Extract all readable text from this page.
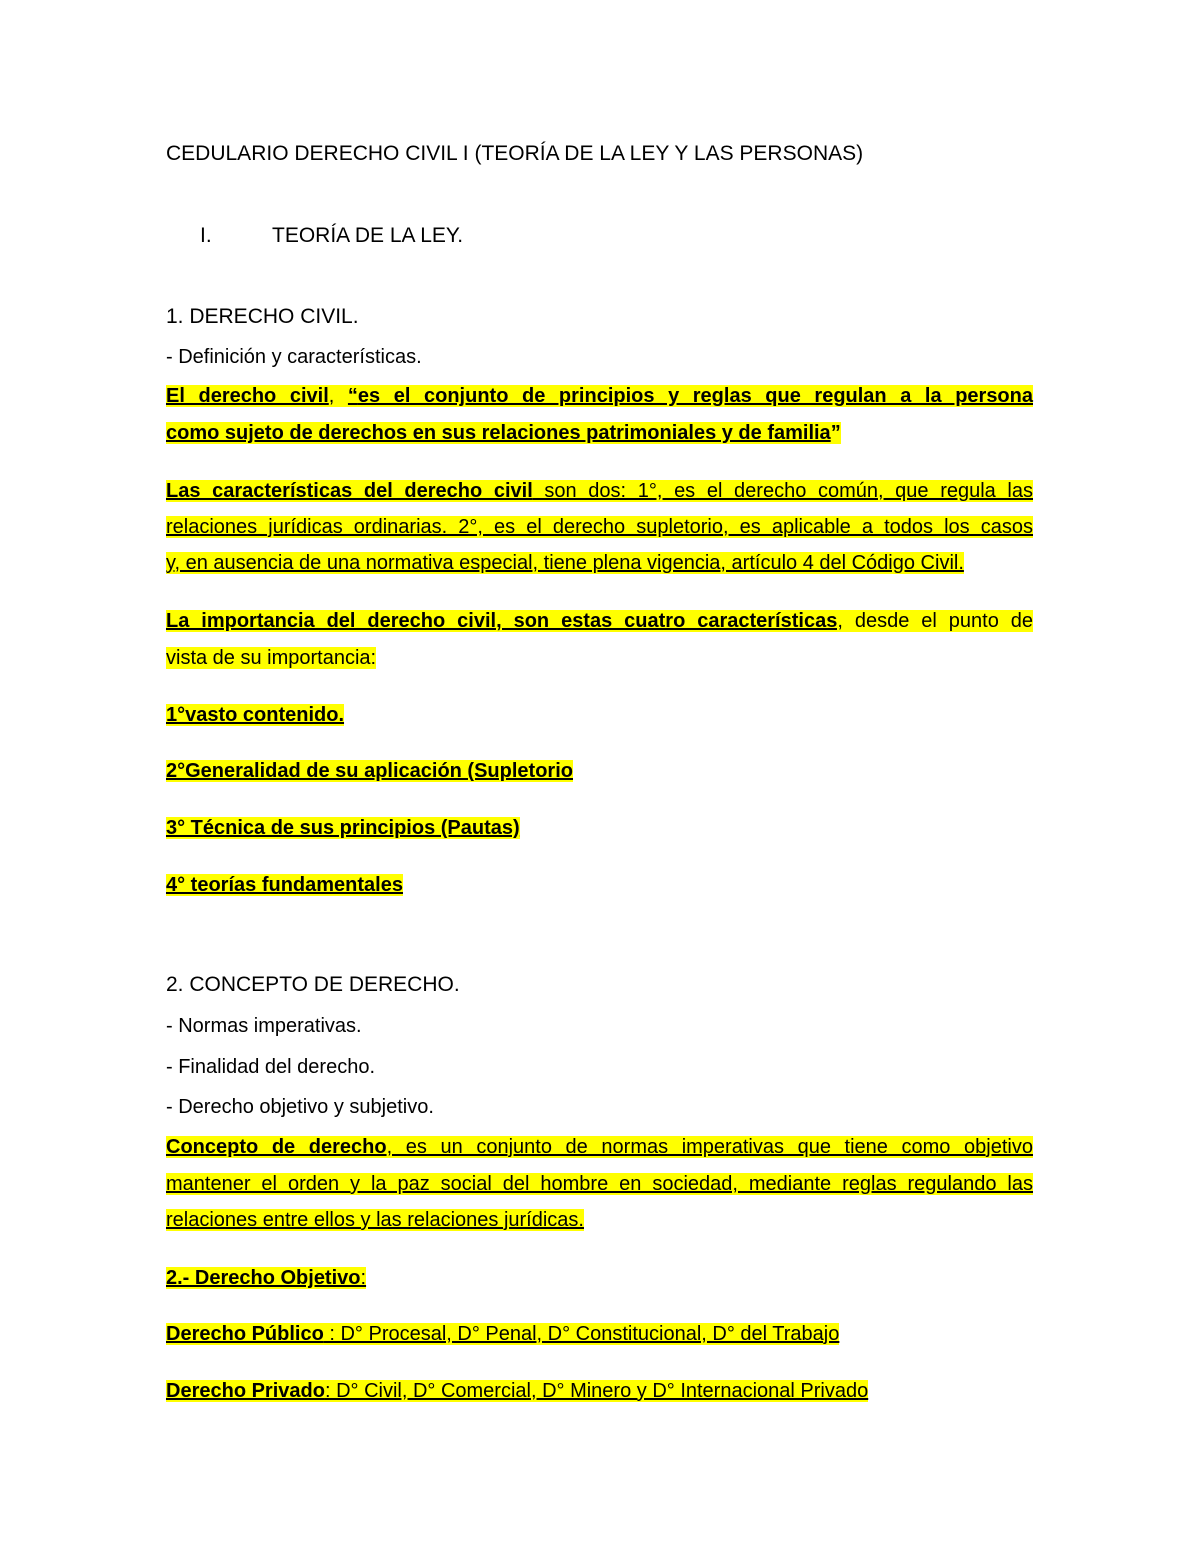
CEDULARIO DERECHO CIVIL I (TEORÍA DE LA LEY Y LAS PERSONAS)
I.	TEORÍA DE LA LEY.
1. DERECHO CIVIL.
- Definición y características.
El derecho civil, “es el conjunto de principios y reglas que regulan a la persona
como sujeto de derechos en sus relaciones patrimoniales y de familia”
Las características del derecho civil son dos: 1°, es el derecho común, que regula las
relaciones jurídicas ordinarias. 2°, es el derecho supletorio, es aplicable a todos los casos
y, en ausencia de una normativa especial, tiene plena vigencia, artículo 4 del Código Civil.
La importancia del derecho civil, son estas cuatro características, desde el punto de
vista de su importancia:
1°vasto contenido.
2°Generalidad de su aplicación (Supletorio
3° Técnica de sus principios (Pautas)
4° teorías fundamentales
2. CONCEPTO DE DERECHO.
- Normas imperativas.
- Finalidad del derecho.
- Derecho objetivo y subjetivo.
Concepto de derecho, es un conjunto de normas imperativas que tiene como objetivo
mantener el orden y la paz social del hombre en sociedad, mediante reglas regulando las
relaciones entre ellos y las relaciones jurídicas.
2.- Derecho Objetivo:
Derecho Público : D° Procesal, D° Penal, D° Constitucional, D° del Trabajo
Derecho Privado: D° Civil, D° Comercial, D° Minero y D° Internacional Privado
